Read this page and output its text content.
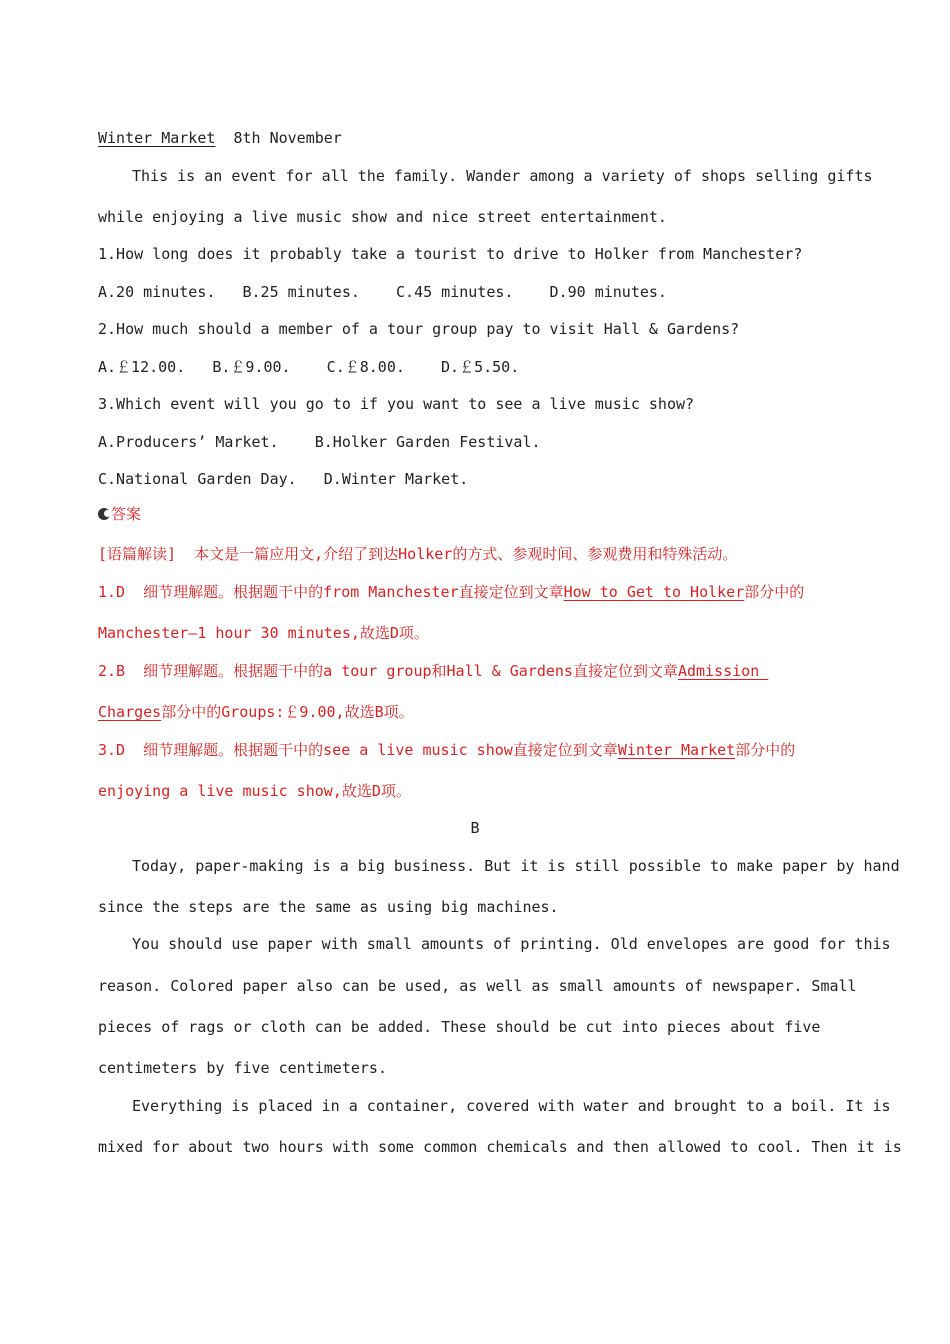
Winter Market  8th November
This is an event for all the family. Wander among a variety of shops selling gifts
while enjoying a live music show and nice street entertainment.
1.How long does it probably take a tourist to drive to Holker from Manchester?
A.20 minutes.   B.25 minutes.    C.45 minutes.    D.90 minutes.
2.How much should a member of a tour group pay to visit Hall & Gardens?
A.￡12.00.   B.￡9.00.    C.￡8.00.    D.￡5.50.
3.Which event will you go to if you want to see a live music show?
A.Producers’ Market.    B.Holker Garden Festival.
C.National Garden Day.   D.Winter Market.
答案
[语篇解读]  本文是一篇应用文,介绍了到达Holker的方式、参观时间、参观费用和特殊活动。
1.D  细节理解题。根据题干中的from Manchester直接定位到文章How to Get to Holker部分中的
Manchester—1 hour 30 minutes,故选D项。
2.B  细节理解题。根据题干中的a tour group和Hall & Gardens直接定位到文章Admission
Charges部分中的Groups:￡9.00,故选B项。
3.D  细节理解题。根据题干中的see a live music show直接定位到文章Winter Market部分中的
enjoying a live music show,故选D项。
B
Today, paper-making is a big business. But it is still possible to make paper by hand
since the steps are the same as using big machines.
You should use paper with small amounts of printing. Old envelopes are good for this
reason. Colored paper also can be used, as well as small amounts of newspaper. Small
pieces of rags or cloth can be added. These should be cut into pieces about five
centimeters by five centimeters.
Everything is placed in a container, covered with water and brought to a boil. It is
mixed for about two hours with some common chemicals and then allowed to cool. Then it is
